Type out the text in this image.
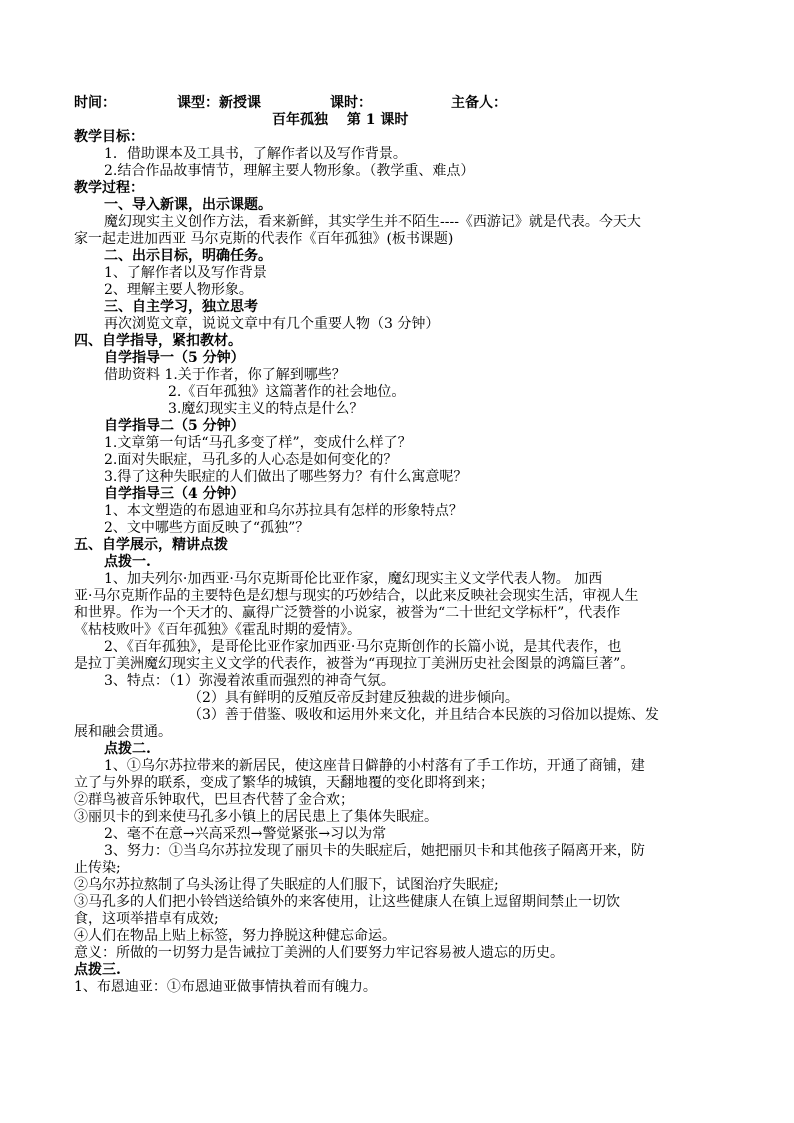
时间：	课型：新授课	课时：	主备人：
百年孤独　 第 1 课时
教学目标：
1．借助课本及工具书，了解作者以及写作背景。
2.结合作品故事情节，理解主要人物形象。（教学重、难点）
教学过程：
一、导入新课，出示课题。
魔幻现实主义创作方法，看来新鲜，其实学生并不陌生----《西游记》就是代表。今天大
家一起走进加西亚 马尔克斯的代表作《百年孤独》(板书课题)
二、出示目标，明确任务。
1、了解作者以及写作背景
2、理解主要人物形象。
三、自主学习，独立思考
再次浏览文章，说说文章中有几个重要人物（3 分钟）
四、自学指导，紧扣教材。
自学指导一（5 分钟）
借助资料 1.关于作者，你了解到哪些？
2.《百年孤独》这篇著作的社会地位。
3.魔幻现实主义的特点是什么？
自学指导二（5 分钟）
1.文章第一句话“马孔多变了样”，变成什么样了？
2.面对失眠症，马孔多的人心态是如何变化的？
3.得了这种失眠症的人们做出了哪些努力？有什么寓意呢？
自学指导三（4 分钟）
1、本文塑造的布恩迪亚和乌尔苏拉具有怎样的形象特点？
2、文中哪些方面反映了“孤独”？
五、自学展示，精讲点拨
点拨一.
1、加夫列尔·加西亚·马尔克斯哥伦比亚作家，魔幻现实主义文学代表人物。 加西
亚·马尔克斯作品的主要特色是幻想与现实的巧妙结合，以此来反映社会现实生活，审视人生
和世界。作为一个天才的、赢得广泛赞誉的小说家，被誉为“二十世纪文学标杆”，代表作
《枯枝败叶》《百年孤独》《霍乱时期的爱情》。
2、《百年孤独》，是哥伦比亚作家加西亚·马尔克斯创作的长篇小说，是其代表作，也
是拉丁美洲魔幻现实主义文学的代表作，被誉为“再现拉丁美洲历史社会图景的鸿篇巨著”。
3、特点：（1）弥漫着浓重而强烈的神奇气氛。
（2）具有鲜明的反殖反帝反封建反独裁的进步倾向。
（3）善于借鉴、吸收和运用外来文化，并且结合本民族的习俗加以提炼、发
展和融会贯通。
点拨二.
1、①乌尔苏拉带来的新居民，使这座昔日僻静的小村落有了手工作坊，开通了商铺，建
立了与外界的联系，变成了繁华的城镇，天翻地覆的变化即将到来；
②群鸟被音乐钟取代，巴旦杏代替了金合欢；
③丽贝卡的到来使马孔多小镇上的居民患上了集体失眠症。
2、毫不在意→兴高采烈→警觉紧张→习以为常
3、努力：①当乌尔苏拉发现了丽贝卡的失眠症后，她把丽贝卡和其他孩子隔离开来，防
止传染;
②乌尔苏拉熬制了乌头汤让得了失眠症的人们服下，试图治疗失眠症;
③马孔多的人们把小铃铛送给镇外的来客使用，让这些健康人在镇上逗留期间禁止一切饮
食，这项举措卓有成效;
④人们在物品上贴上标签，努力挣脱这种健忘命运。
意义：所做的一切努力是告诫拉丁美洲的人们要努力牢记容易被人遗忘的历史。
点拨三.
1、布恩迪亚：①布恩迪亚做事情执着而有魄力。
